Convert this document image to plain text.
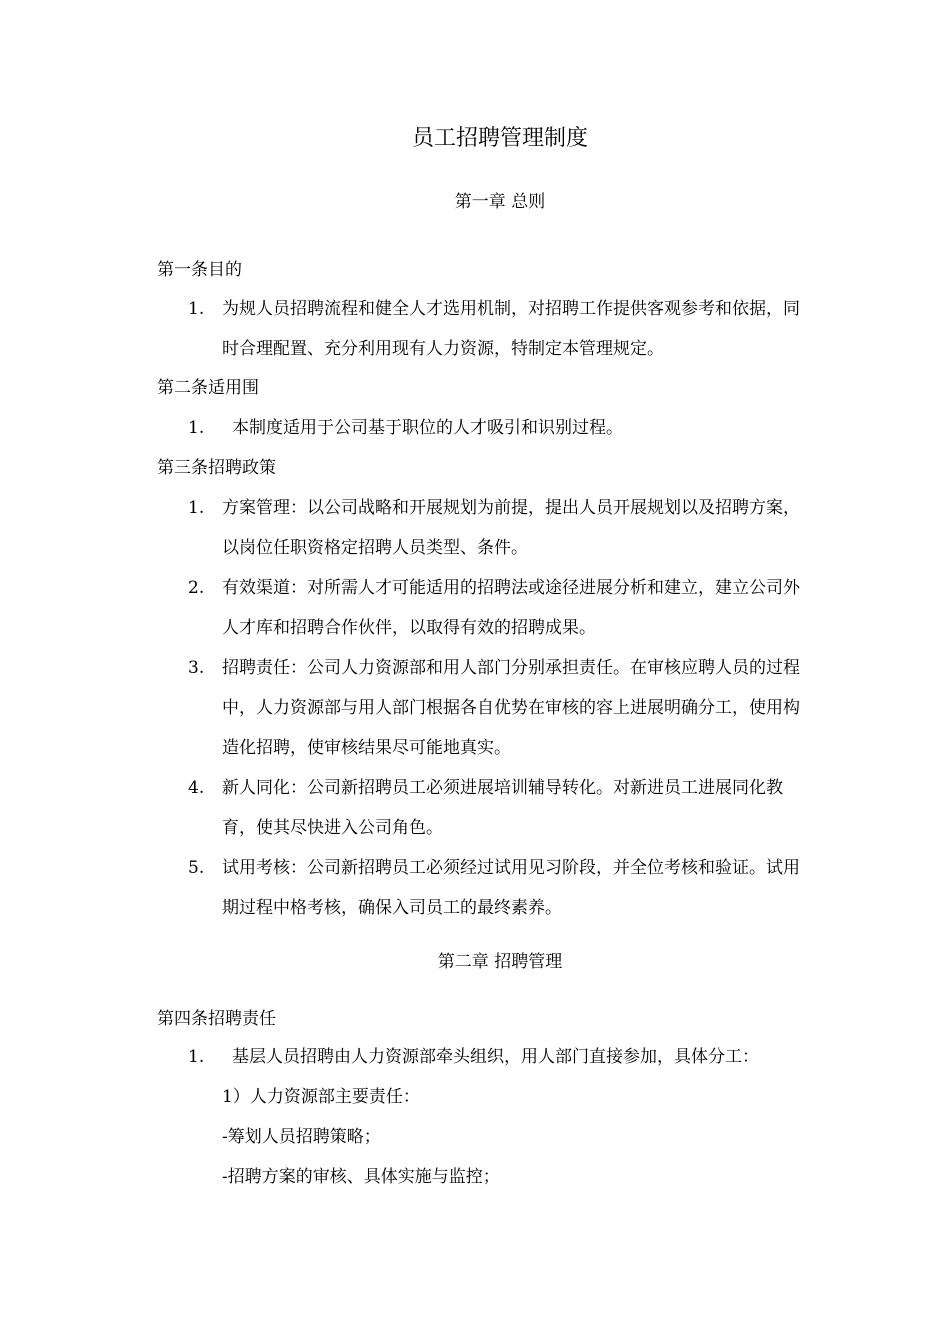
员工招聘管理制度
第一章 总则
第一条目的
1. 为规人员招聘流程和健全人才选用机制，对招聘工作提供客观参考和依据，同
时合理配置、充分利用现有人力资源，特制定本管理规定。
第二条适用围
1. 本制度适用于公司基于职位的人才吸引和识别过程。
第三条招聘政策
1. 方案管理：以公司战略和开展规划为前提，提出人员开展规划以及招聘方案，
以岗位任职资格定招聘人员类型、条件。
2. 有效渠道：对所需人才可能适用的招聘法或途径进展分析和建立，建立公司外
人才库和招聘合作伙伴，以取得有效的招聘成果。
3. 招聘责任：公司人力资源部和用人部门分别承担责任。在审核应聘人员的过程
中，人力资源部与用人部门根据各自优势在审核的容上进展明确分工，使用构
造化招聘，使审核结果尽可能地真实。
4. 新人同化：公司新招聘员工必须进展培训辅导转化。对新进员工进展同化教
育，使其尽快进入公司角色。
5. 试用考核：公司新招聘员工必须经过试用见习阶段，并全位考核和验证。试用
期过程中格考核，确保入司员工的最终素养。
第二章 招聘管理
第四条招聘责任
1. 基层人员招聘由人力资源部牵头组织，用人部门直接参加，具体分工：
1）人力资源部主要责任：
-筹划人员招聘策略；
-招聘方案的审核、具体实施与监控；
